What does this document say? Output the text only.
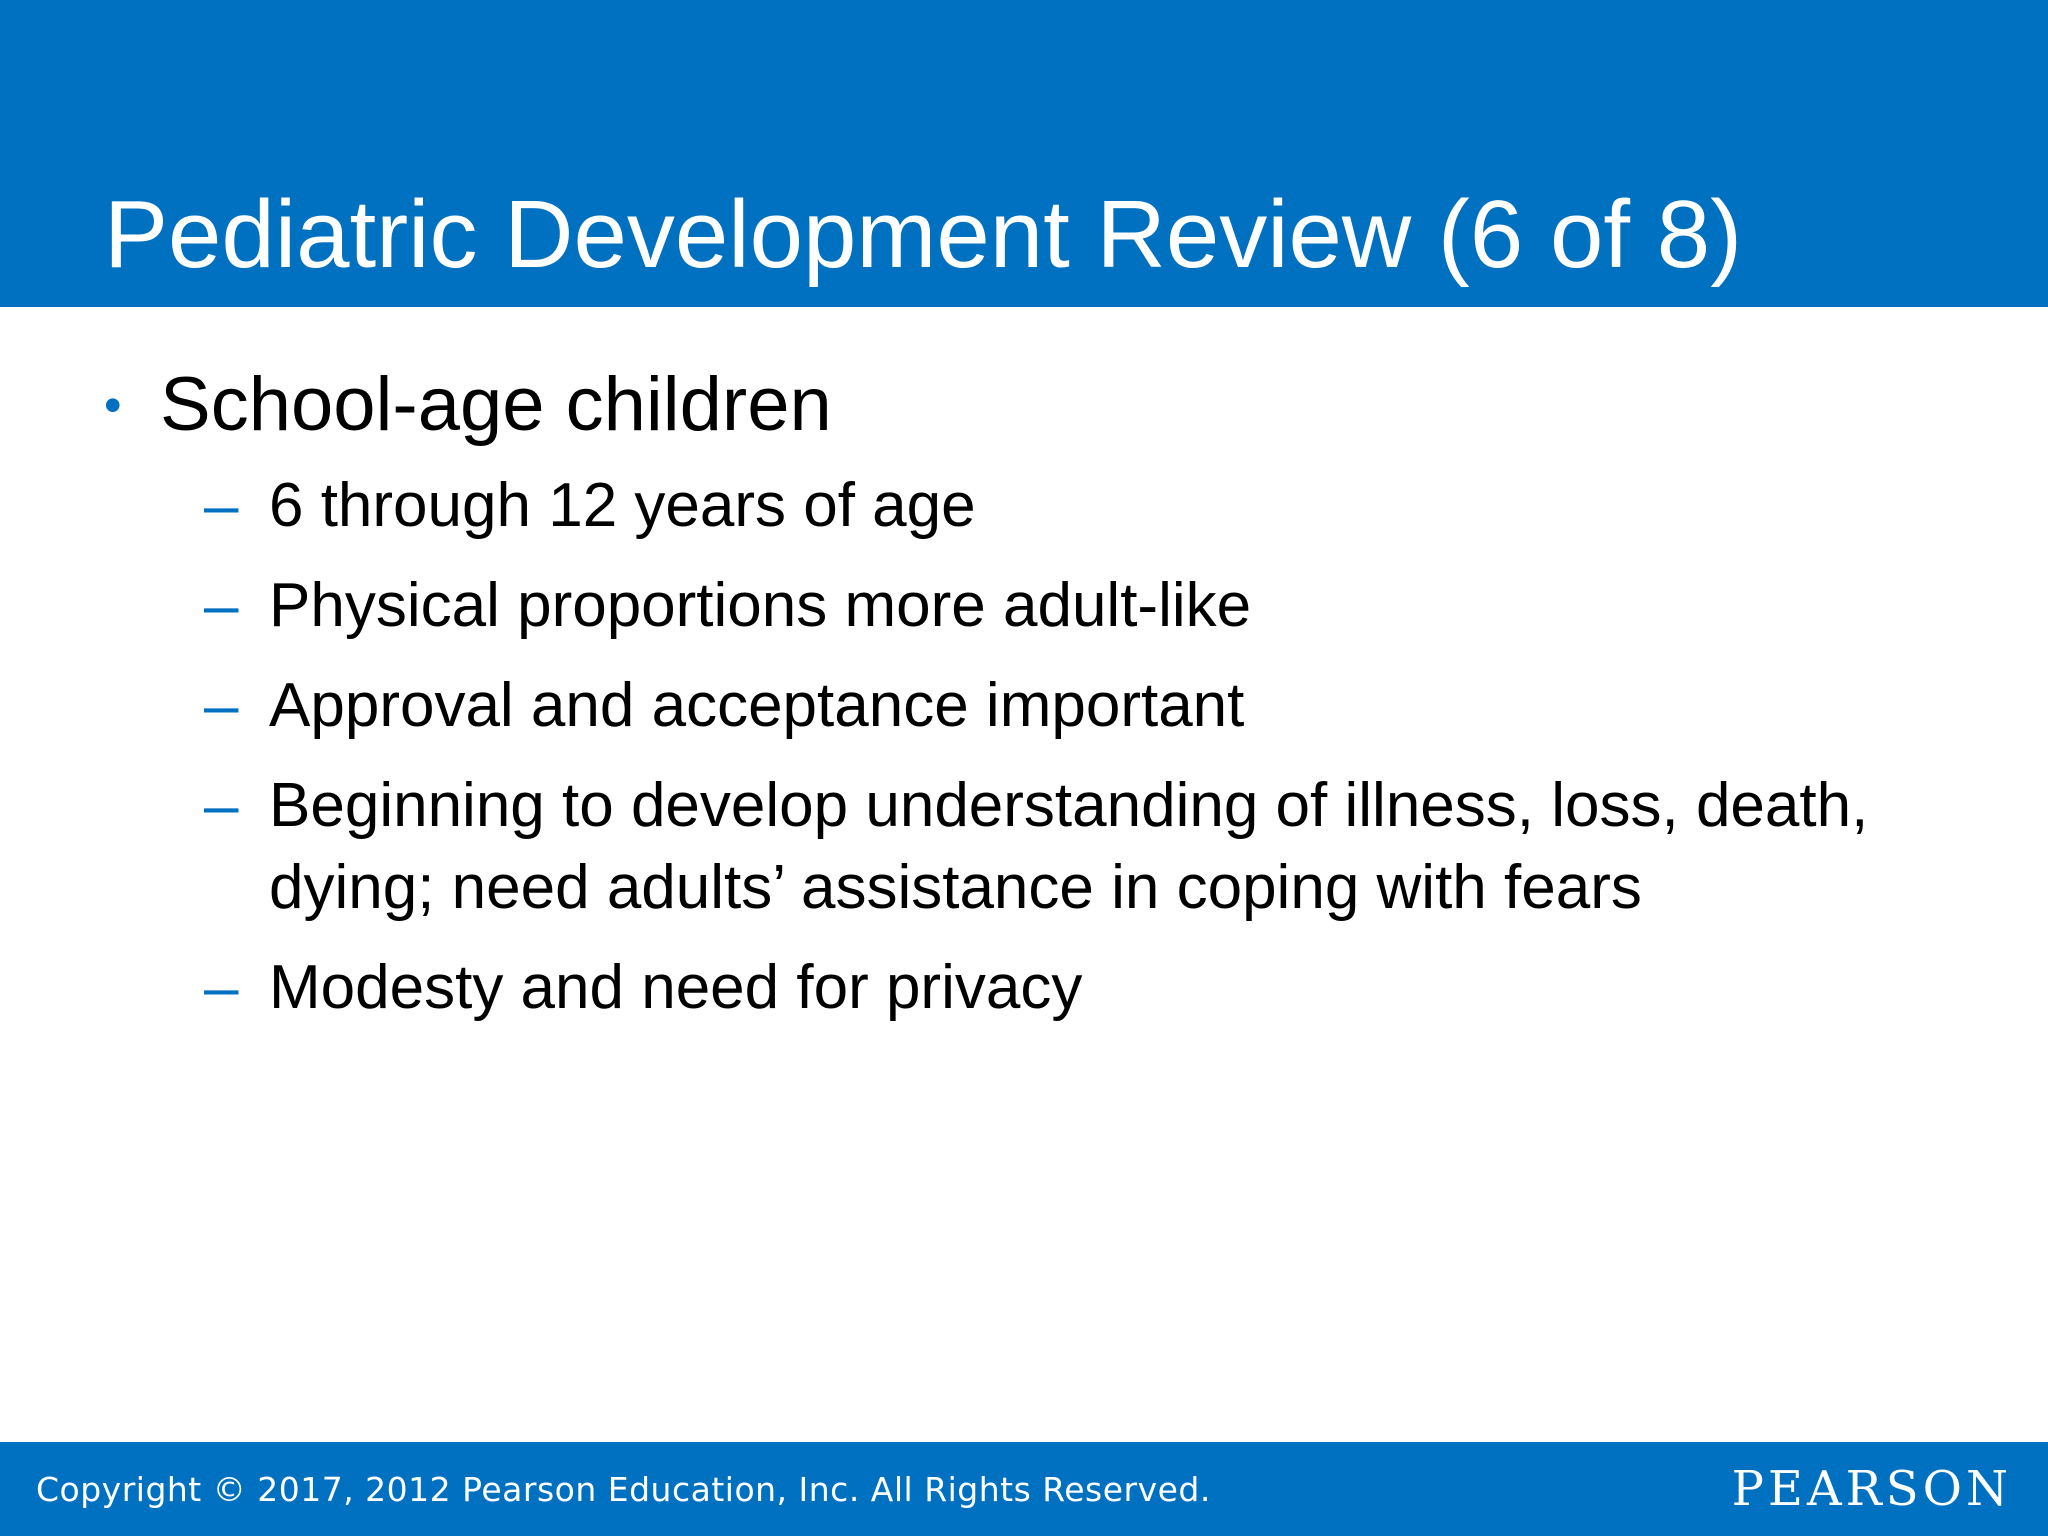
Pediatric Development Review (6 of 8)
• School-age children
– 6 through 12 years of age
– Physical proportions more adult-like
– Approval and acceptance important
– Beginning to develop understanding of illness, loss, death, dying; need adults’ assistance in coping with fears
– Modesty and need for privacy
Copyright © 2017, 2012 Pearson Education, Inc. All Rights Reserved.	PEARSON
